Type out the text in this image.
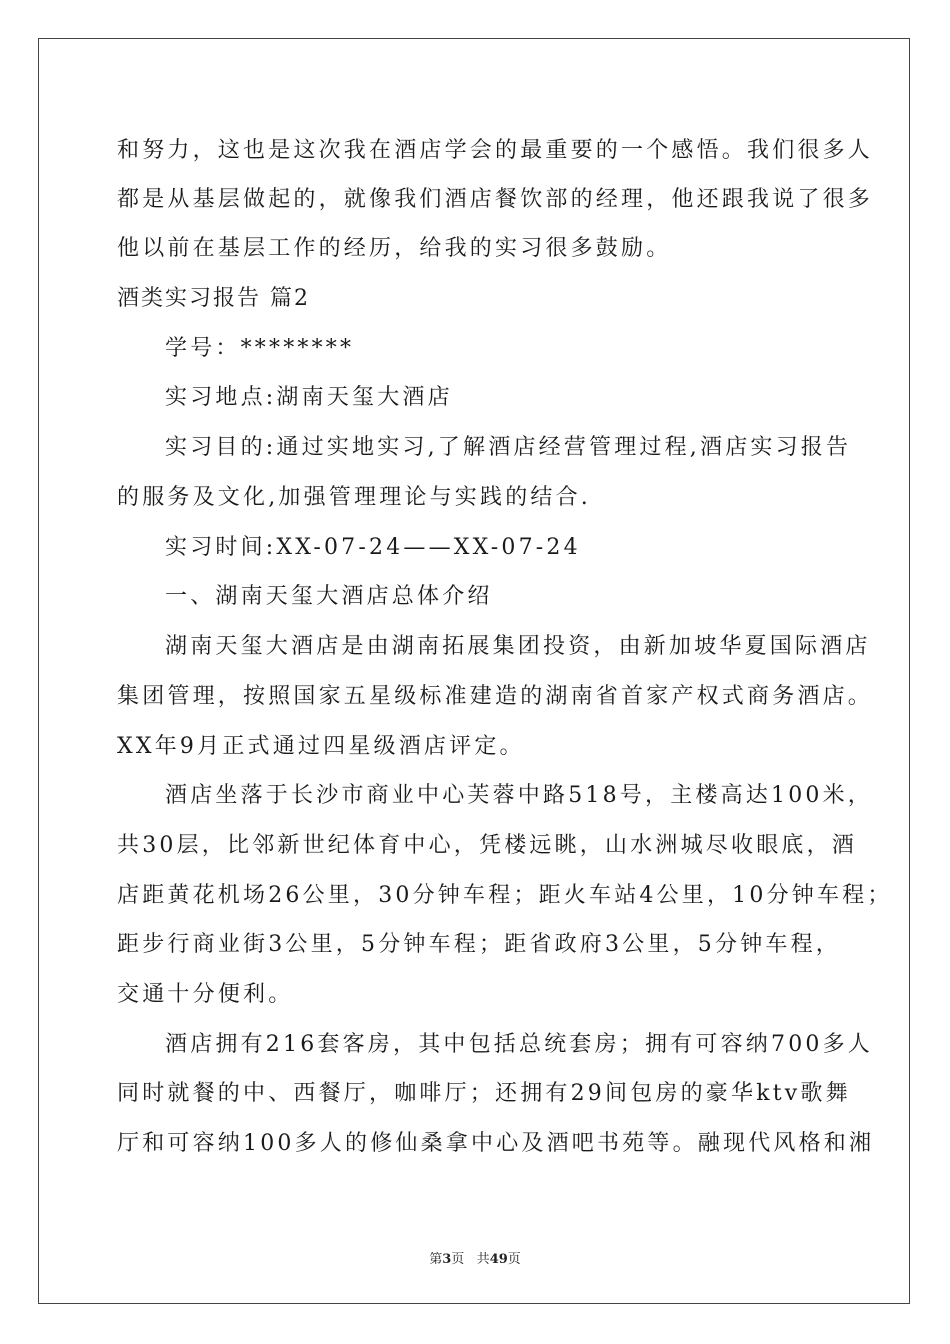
和努力，这也是这次我在酒店学会的最重要的一个感悟。我们很多人
都是从基层做起的，就像我们酒店餐饮部的经理，他还跟我说了很多
他以前在基层工作的经历，给我的实习很多鼓励。
酒类实习报告 篇2
学号：********
实习地点:湖南天玺大酒店
实习目的:通过实地实习,了解酒店经营管理过程,酒店实习报告
的服务及文化,加强管理理论与实践的结合.
实习时间:XX-07-24——XX-07-24
一、湖南天玺大酒店总体介绍
湖南天玺大酒店是由湖南拓展集团投资，由新加坡华夏国际酒店
集团管理，按照国家五星级标准建造的湖南省首家产权式商务酒店。
XX年9月正式通过四星级酒店评定。
酒店坐落于长沙市商业中心芙蓉中路518号，主楼高达100米，
共30层，比邻新世纪体育中心，凭楼远眺，山水洲城尽收眼底，酒
店距黄花机场26公里，30分钟车程；距火车站4公里，10分钟车程；
距步行商业街3公里，5分钟车程；距省政府3公里，5分钟车程，
交通十分便利。
酒店拥有216套客房，其中包括总统套房；拥有可容纳700多人
同时就餐的中、西餐厅，咖啡厅；还拥有29间包房的豪华ktv歌舞
厅和可容纳100多人的修仙桑拿中心及酒吧书苑等。融现代风格和湘
第3页 共49页
